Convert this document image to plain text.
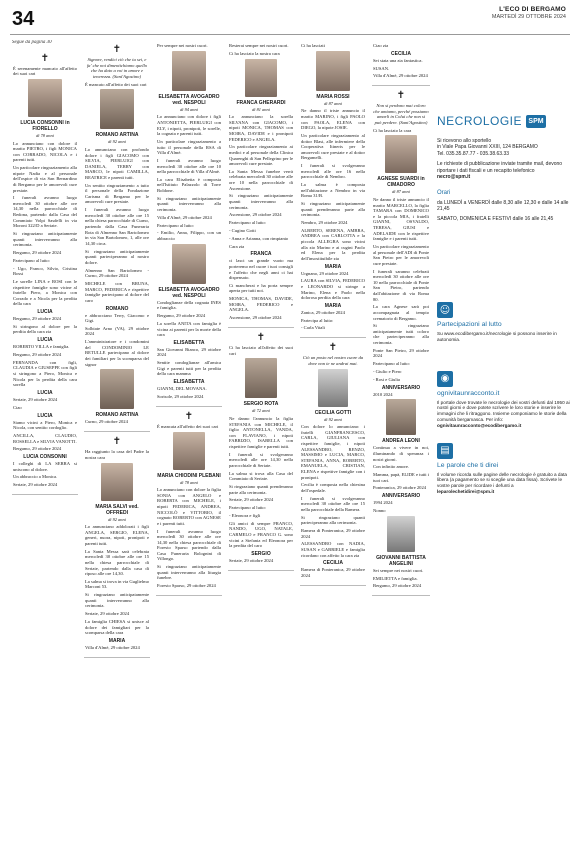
34	L'ECO DI BERGAMO
MARTEDÌ 29 OTTOBRE 2024
Segue da pagina 30
✝

È serenamente mancato all'affetto dei suoi cari

LUCIA CONSONNI in FIORELLO
di 78 anni

Lo annunciano con dolore il marito PIETRO, i figli MONICA con CORRADO, NICOLA e i parenti tutti.

Un particolare ringraziamento alla nipote Nadia e al personale dell'ospice di via San Bernardino di Bergamo per le amorevoli cure prestate.

I funerali avranno luogo mercoledì 30 ottobre alle ore 14,30 nella parrocchiale di Redona, partendo dalla Casa del Commiato Volpi Sasdelli in via Moroni 322/D a Seriate.

Si ringraziano anticipatamente quanti interverranno alla cerimonia.

Bergamo, 29 ottobre 2024

Partecipano al lutto:

- Ugo, Franco, Silvio, Cristina Bossi

Le sorelle LINA e ROSI con le rispettive famiglie sono vicine al fratello Piero, a Monica con Corrado e a Nicola per la perdita della cara

LUCIA

Bergamo, 29 ottobre 2024

Si stringono al dolore per la perdita della cara zia

LUCIA

ROBERTO VILLA e famiglia.

Bergamo, 29 ottobre 2024

FERNANDA con figli, CLAUDIA e GIUSEPPE con figli si stringono a Piero, Monica e Nicola per la perdita della cara sorella

LUCIA

Seriate, 29 ottobre 2024

Ciao

LUCIA

Siamo vicini a Piero, Monica e Nicola, con sentito cordoglio.

ANCILLA, CLAUDIO, ROSSELLA e SILVIA VANOTTI.

Bergamo, 29 ottobre 2024

LUCIA CONSONNI

I colleghi di LA SERRA si uniscono al dolore.

Un abbraccio a Monica.

Seriate, 29 ottobre 2024

✝

Signore, rendici ciò che tu sei, e fa' che noi dimentichiamo quello che ha dato a voi in amore e tenerezza. (Sant'Agostino)

È mancato all'affetto dei suoi cari

ROMANO ARTINA
di 92 anni

Lo annunciano con profondo dolore i figli GIACOMO con SILVIA, PIERLUIGI con DANIELA, TERRY con MARCO, le nipoti CAMILLA, BEATRICE e parenti tutti.

Un sentito ringraziamento a tutto il personale della Fondazione Carisma di Bergamo per le amorevoli cure prestate.

I funerali avranno luogo mercoledì 30 ottobre alle ore 15 nella chiesa parrocchiale di Curno, partendo dalla Casa Funeraria Rota di Almenno San Bartolomeo in via San Bartolomeo, 1, alle ore 14,30 circa.

Si ringraziano anticipatamente quanti parteciperanno al nostro dolore.

Almenno San Bartolomeo - Curno, 29 ottobre 2024

MICHELE con BRUNA, MARCO, FEDERICA e rispettive famiglie partecipano al dolore del caro

ROMANO

e abbracciano Terry, Giacomo e Gigi.

Solbiate Arno (VA), 29 ottobre 2024

L'amministratore e i condomini del CONDOMINIO LE BETULLE partecipano al dolore dei familiari per la scomparsa del signor

ROMANO ARTINA

Curno, 29 ottobre 2024

✝

Ha raggiunto la casa del Padre la nostra cara

MARIA SALVI ved. OFFREDI
di 92 anni

Lo annunciano addolorati i figli ANGELA, SERGIO, ELENA, generi, nuora, nipoti, pronipoti e parenti tutti.

La Santa Messa sarà celebrata mercoledì 30 ottobre alle ore 15 nella chiesa parrocchiale di Seriate, partendo dalla casa di riposo alle ore 14,30.

La salma si trova in via Guglielmo Marconi 53.

Si ringraziano anticipatamente quanti interverranno alla cerimonia.

Seriate, 29 ottobre 2024

La famiglia CHIESA si unisce al dolore dei famigliari per la scomparsa della cara

MARIA

Villa d'Almè, 29 ottobre 2024

Per sempre nei nostri cuori.

ELISABETTA AVOGADRO ved. NESPOLI
di 94 anni

Lo annunciano con dolore i figli ANTONIETTA, PIERLUIGI con ELY, i nipoti, pronipoti, le sorelle, la cognata e parenti tutti.

Un particolare ringraziamento a tutto il personale della RSA di Villa d'Almè.

I funerali avranno luogo mercoledì 30 ottobre alle ore 10 nella parrocchiale di Villa d'Almè.

La cara Elisabetta è composta nell'Istituto Palazzolo di Torre Boldone.

Si ringraziano anticipatamente quanti interverranno alla cerimonia.

Villa d'Almè, 29 ottobre 2024

Partecipano al lutto:

- Emilio, Anna, Filippo, con un abbraccio

ELISABETTA AVOGADRO ved. NESPOLI

Condoglianze della cognata INES e famiglia.

Bergamo, 29 ottobre 2024

La sorella ANITA con famiglia è vicina ai parenti per la morte della cara

ELISABETTA

San Giovanni Bianco, 29 ottobre 2024

Sentite condoglianze all'amica Gigi e parenti tutti per la perdita della cara mamma

ELISABETTA

GIANNI, DEL MOVANA.

Sorisole, 29 ottobre 2024

✝

È mancata all'affetto dei suoi cari

MARIA CHIODINI PLEBANI
di 78 anni

Lo annunciano con dolore la figlia SONIA con ANGELO e ROBERTA con MICHELE, i nipoti FEDERICA, ANDREA, NICCOLÒ e VITTORIO, il cognato ROBERTO con AGNESE e i parenti tutti.

I funerali avranno luogo mercoledì 30 ottobre alle ore 14,30 nella chiesa parrocchiale di Foresto Sparso partendo dalla Casa Funeraria Bolognini di Villongo.

Si ringraziano anticipatamente quanti interverranno alla liturgia funebre.

Foresto Sparso, 29 ottobre 2024

Resterai sempre nei nostri cuori.

Ci ha lasciato la nostra cara

FRANCA GHERARDI
di 81 anni

Lo annunciano la sorella SILVANA con GIACOMO, i nipoti MONICA, THOMAS con MOIRA, DAVIDE e i pronipoti FEDERICO e ANGELA.

Un particolare ringraziamento ai medici e al personale della Clinica Quarenghi di San Pellegrino per le amorevoli cure prestate.

La Santa Messa funebre verrà celebrata mercoledì 30 ottobre alle ore 10 nella parrocchiale di Ascensione.

Si ringraziano anticipatamente quanti interverranno alla cerimonia.

Ascensione, 29 ottobre 2024

Partecipano al lutto:

- Cugino Gotti

- Anna e Arianna, con rimpianto

Cara zia

FRANCA

ci lasci un grande vuoto ma porteremo nel cuore i tuoi consigli e l'affetto che negli anni ci hai dispensato.

Ci mancherai e ha porta sempre aperta per tutti noi.

MONICA, THOMAS, DAVIDE, MOIRA, FEDERICO e ANGELA.

Ascensione, 29 ottobre 2024

✝

Ci ha lasciato all'affetto dei suoi cari

SERGIO ROTA
di 72 anni

Ne danno l'annuncio la figlia STEFANIA con MICHELE, il figlio ANTONELLA, VANDA, con FLAVIANO, i nipoti FABRIZIO, ISABELLA con rispettive famiglie e parenti tutti.

I funerali si svolgeranno mercoledì alle ore 14,30 nella parrocchiale di Seriate.

La salma si trova alla Casa del Commiato di Seriate.

Si ringraziano quanti prenderanno parte alla cerimonia.

Seriate, 29 ottobre 2024

Partecipano al lutto:

- Eleonora e figli

Gli amici di sempre FRANCO, NANDO, UGO, NATALE, CARMELO e FRANCO G. sono vicini a Stefania ed Eleonora per la perdita del caro

SERGIO

Seriate, 29 ottobre 2024

Ci ha lasciati

MARIA ROSSI
di 87 anni

Ne danno il triste annuncio il marito MARINO, i figli PAOLO con PAOLA, ELENA con DIEGO, la nipote JOSIE.

Un particolare ringraziamento al dottor Blasi, alle infermiere della Cooperativa Itineris per le amorevoli cure prestate e al dottor Bergamelli.

I funerali si svolgeranno mercoledì alle ore 16 nella parrocchiale di Nembro.

La salma è composta nell'abitazione a Nembro in via Roma 31/B.

Si ringraziano anticipatamente quanti prenderanno parte alla cerimonia.

Nembro, 29 ottobre 2024

ALBERTO, SERENA, AMBRA, ANDREA con CARLOTTA e la piccola ALLEGRA sono vicini alla zio Marino e ai cugini Paolo ed Elena per la perdita dell'insostituibile zia

MARIA

Urgnano, 29 ottobre 2024

LAURA con SILVIA, FEDERICO e LEONARDO si stringe a Marino, Elena e Paolo nella dolorosa perdita della cara

MARIA

Zanica, 29 ottobre 2024

Partecipa al lutto:

- Carla Vitali

✝

Ciò un posto nel nostro cuore da dove non te ne andrai mai.

CECILIA GOTTI
di 92 anni

Con dolore lo annunciano: i fratelli GIANFRANCESCO, CARLA, GIULIANA con rispettive famiglie, i nipoti ALESSANDRO, RENZO, MASSIMO e LUCIA, MARCO, STEFANIA, ANNA, ROBERTO, EMANUELA, CRISTIAN, ELENA e rispettive famiglie con i pronipoti.

Cecilia è composta nella chiesina dell'ospedale.

I funerali si svolgeranno mercoledì 30 ottobre alle ore 15 nella parrocchiale della Ramera.

Si ringraziano quanti parteciperanno alla cerimonia.

Ramera di Ponteranica, 29 ottobre 2024

ALESSANDRO con NADIA, SUSAN e GABRIELE e famiglia ricordano con affetto la cara zia

CECILIA

Ramera di Ponteranica, 29 ottobre 2024

Ciao zia

CECILIA

Sei stata una zia fantastica.

SUSAN.

Villa d'Almè, 29 ottobre 2024

✝

Non si perdono mai coloro che amiamo, perché possiamo amarli in Colui che non si può perdere. (Sant'Agostino)

Ci ha lasciato la cara

AGNESE SUARDI in CIMADORO
di 87 anni

Ne danno il triste annuncio il marito MARCELLO, la figlia TAMARA con DOMENICO e la piccola MIA, i fratelli GIANNI, OSVALDO, TERESA, GIUSI e ADELAIDE con le rispettive famiglie e i parenti tutti.

Un particolare ringraziamento al personale dell'ADI di Ponte San Pietro per le amorevoli cure prestate.

I funerali saranno celebrati mercoledì 30 ottobre alle ore 10 nella parrocchiale di Ponte San Pietro, partendo dall'abitazione di via Roma 80.

La cara Agnese sarà poi accompagnata al tempio crematorio di Bergamo.

Si ringraziano anticipatamente tutti coloro che parteciperanno alla cerimonia.

Ponte San Pietro, 29 ottobre 2024

Partecipano al lutto:

- Giulio e Piero

- Rosi e Giulia

ANNIVERSARIO

2010 2024

ANDREA LEONI

Continua a vivere in noi, illuminando di speranza i nostri giorni.

Con infinito amore.

Mamma, papà, ELIDE e tutti i tuoi cari.

Ponteranica, 29 ottobre 2024

ANNIVERSARIO

1994 2024

Nonno

GIOVANNI BATTISTA ANGELINI

Sei sempre nei nostri cuori.

EMILIETTA e famiglia.

Bergamo, 29 ottobre 2024

NECROLOGIE SPM
Si ricevono allo sportello
in Viale Papa Giovanni XXIII, 124 BERGAMO
Tel. 035.35.87.77 - 035.38.63.33
Le richieste di pubblicazione inviate tramite mail, devono riportare i dati fiscali e un recapito telefonico
necro@spm.it
Orari
da LUNEDÌ a VENERDÌ dalle 8,30 alle 12,30 e dalle 14 alle 21,45
SABATO, DOMENICA E FESTIVI dalle 16 alle 21,45
☺
Partecipazioni al lutto
Su www.ecodibergamo.it/necrologie si possono inserire in autonomia.
◉
ognivitaunracconto.it
Il portale dove trovate le necrologie dei vostri defunti dal 1950 ai nostri giorni e dove potete scrivere le loro storie e inserire le immagini che li ritraggono. Insieme componiamo le storie della comunità bergamasca. Per info:
ognivitaunracconto@ecodibergamo.it
▤
Le parole che ti direi
Il volume ricorda sulle pagine delle necrologie è gratuito a data libera (a pagamento se si sceglie una data fissa). Scrivete le vostre parole per ricordare i defunti a
leparolechetidirei@spm.it
